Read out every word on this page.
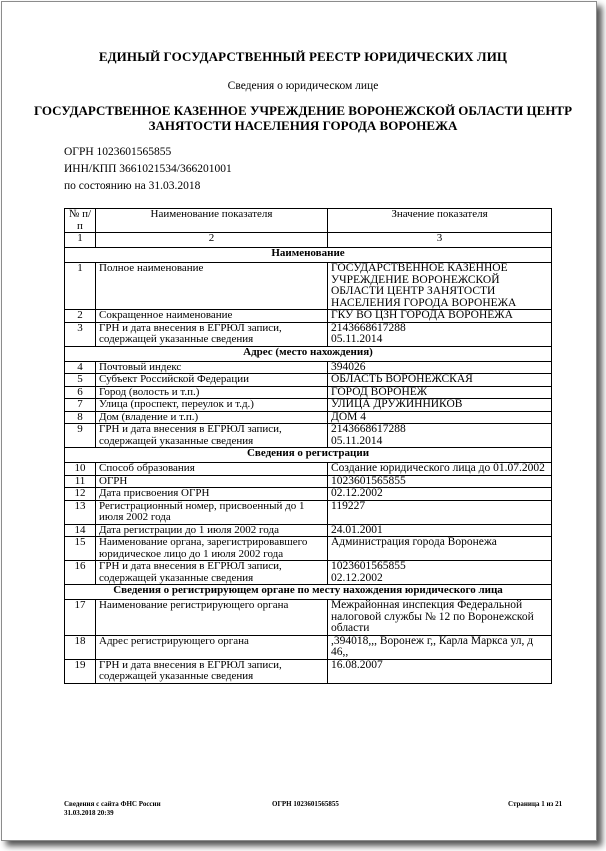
ЕДИНЫЙ ГОСУДАРСТВЕННЫЙ РЕЕСТР ЮРИДИЧЕСКИХ ЛИЦ
Сведения о юридическом лице
ГОСУДАРСТВЕННОЕ КАЗЕННОЕ УЧРЕЖДЕНИЕ ВОРОНЕЖСКОЙ ОБЛАСТИ ЦЕНТР
ЗАНЯТОСТИ НАСЕЛЕНИЯ ГОРОДА ВОРОНЕЖА
ОГРН 1023601565855
ИНН/КПП 3661021534/366201001
по состоянию на 31.03.2018
№ п/п	Наименование показателя	Значение показателя
1	2	3
Наименование		
1	Полное наименование	ГОСУДАРСТВЕННОЕ КАЗЕННОЕ УЧРЕЖДЕНИЕ ВОРОНЕЖСКОЙ ОБЛАСТИ ЦЕНТР ЗАНЯТОСТИ НАСЕЛЕНИЯ ГОРОДА ВОРОНЕЖА

2	Сокращенное наименование	ГКУ ВО ЦЗН ГОРОДА ВОРОНЕЖА

3	ГРН и дата внесения в ЕГРЮЛ записи, содержащей указанные сведения	2143668617288
05.11.2014

Адрес (место нахождения)		
4	Почтовый индекс	394026

5	Субъект Российской Федерации	ОБЛАСТЬ ВОРОНЕЖСКАЯ

6	Город (волость и т.п.)	ГОРОД ВОРОНЕЖ

7	Улица (проспект, переулок и т.д.)	УЛИЦА ДРУЖИННИКОВ

8	Дом (владение и т.п.)	ДОМ 4

9	ГРН и дата внесения в ЕГРЮЛ записи, содержащей указанные сведения	2143668617288
05.11.2014

Сведения о регистрации		
10	Способ образования	Создание юридического лица до 01.07.2002

11	ОГРН	1023601565855

12	Дата присвоения ОГРН	02.12.2002

13	Регистрационный номер, присвоенный до 1 июля 2002 года	119227

14	Дата регистрации до 1 июля 2002 года	24.01.2001

15	Наименование органа, зарегистрировавшего юридическое лицо до 1 июля 2002 года	Администрация города Воронежа

16	ГРН и дата внесения в ЕГРЮЛ записи, содержащей указанные сведения	1023601565855
02.12.2002

Сведения о регистрирующем органе по месту нахождения юридического лица		
17	Наименование регистрирующего органа	Межрайонная инспекция Федеральной налоговой службы № 12 по Воронежской области

18	Адрес регистрирующего органа	,394018,,, Воронеж г,, Карла Маркса ул, д 46,,

19	ГРН и дата внесения в ЕГРЮЛ записи, содержащей указанные сведения	16.08.2007
Сведения с сайта ФНС России
31.03.2018 20:39
ОГРН 1023601565855	Страница 1 из 21
